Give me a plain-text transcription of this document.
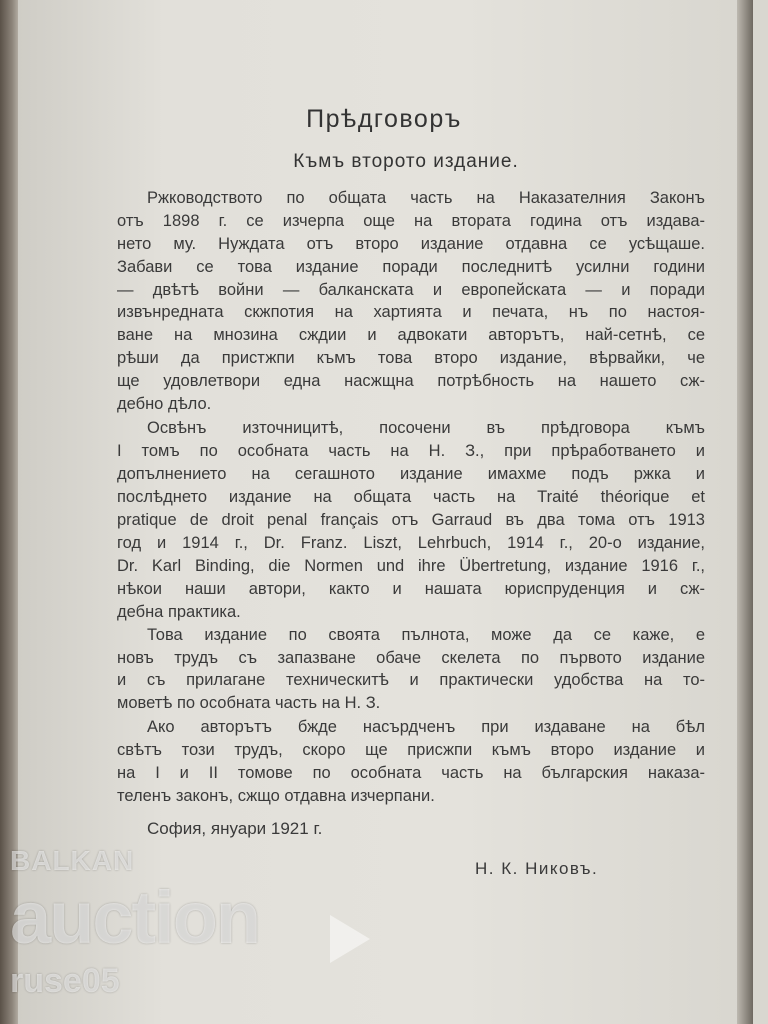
Прѣдговоръ
Къмъ второто издание.
Ржководството по общата часть на Наказателния Законъ
отъ 1898 г. се изчерпа още на втората година отъ издава-
нето му. Нуждата отъ второ издание отдавна се усѣщаше.
Забави се това издание поради последнитѣ усилни години
— двѣтѣ войни — балканската и европейската — и поради
извънредната скжпотия на хартията и печата, нъ по настоя-
ване на мнозина сждии и адвокати авторътъ, най-сетнѣ, се
рѣши да пристжпи къмъ това второ издание, вѣрвайки, че
ще удовлетвори една насжщна потрѣбность на нашето сж-
дебно дѣло.
Освѣнъ източницитѣ, посочени въ прѣдговора къмъ
I томъ по особната часть на Н. З., при прѣработването и
допълнението на сегашното издание имахме подъ ржка и
послѣднето издание на общата часть на Traité théorique et
pratique de droit penal français отъ Garraud въ два тома отъ 1913
год и 1914 г., Dr. Franz. Liszt, Lehrbuch, 1914 г., 20-о издание,
Dr. Karl Binding, die Normen und ihre Übertretung, издание 1916 г.,
нѣкои наши автори, както и нашата юриспруденция и сж-
дебна практика.
Това издание по своята пълнота, може да се каже, е
новъ трудъ съ запазване обаче скелета по първото издание
и съ прилагане техническитѣ и практически удобства на то-
моветѣ по особната часть на Н. З.
Ако авторътъ бжде насърдченъ при издаване на бѣл
свѣтъ този трудъ, скоро ще присжпи къмъ второ издание и
на I и II томове по особната часть на българския наказа-
теленъ законъ, сжщо отдавна изчерпани.
София, януари 1921 г.
Н. К. Никовъ.
BALKAN
auction
ruse05
